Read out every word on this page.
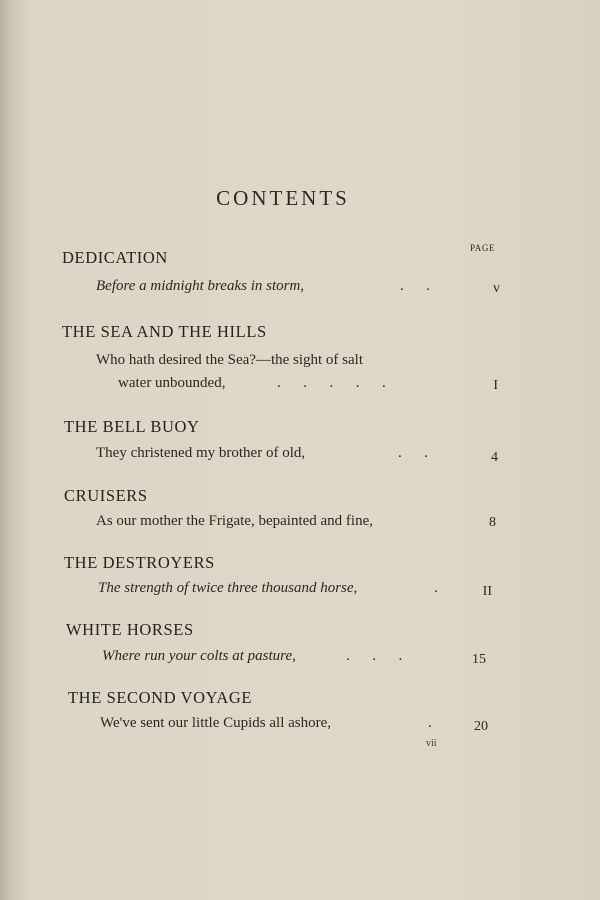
CONTENTS
PAGE
DEDICATION
Before a midnight breaks in storm,	.      .	v
THE SEA AND THE HILLS
Who hath desired the Sea?—the sight of salt
water unbounded,	.      .      .      .      .	I
THE BELL BUOY
They christened my brother of old,	.      .	4
CRUISERS
As our mother the Frigate, bepainted and fine,	8
THE DESTROYERS
The strength of twice three thousand horse,	.	II
WHITE HORSES
Where run your colts at pasture,	.      .      .	15
THE SECOND VOYAGE
We've sent our little Cupids all ashore,	.	20
vii
